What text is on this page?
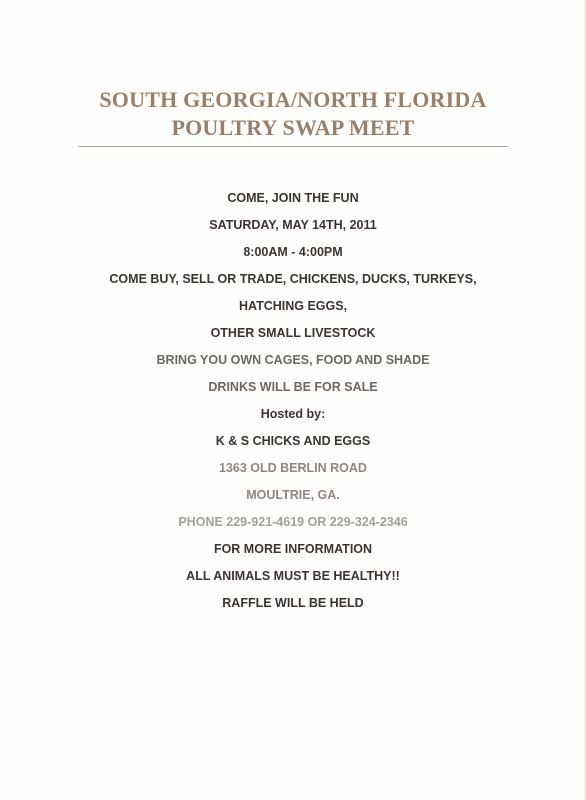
SOUTH GEORGIA/NORTH FLORIDA
POULTRY SWAP MEET
COME, JOIN THE FUN
SATURDAY, MAY 14TH, 2011
8:00AM - 4:00PM
COME BUY, SELL OR TRADE, CHICKENS, DUCKS, TURKEYS,
HATCHING EGGS,
OTHER SMALL LIVESTOCK
BRING YOU OWN CAGES, FOOD AND SHADE
DRINKS WILL BE FOR SALE
Hosted by:
K & S CHICKS AND EGGS
1363 OLD BERLIN ROAD
MOULTRIE, GA.
PHONE 229-921-4619 OR 229-324-2346
FOR MORE INFORMATION
ALL ANIMALS MUST BE HEALTHY!!
RAFFLE WILL BE HELD
